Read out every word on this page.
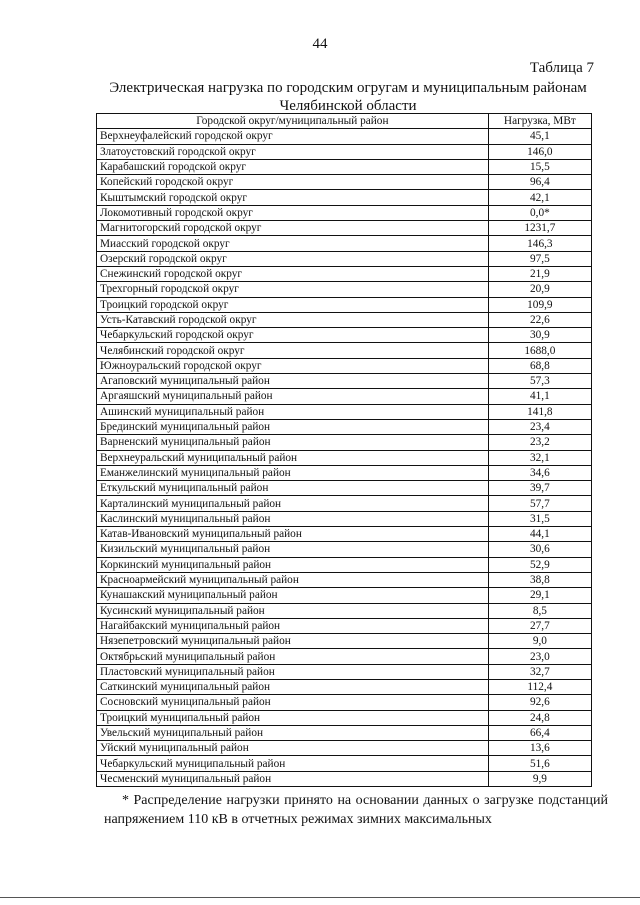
44
Таблица 7
Электрическая нагрузка по городским огругам и муниципальным районам Челябинской области
Городской округ/муниципальный район	Нагрузка, МВт
Верхнеуфалейский городской округ	45,1
Златоустовский городской округ	146,0
Карабашский городской округ	15,5
Копейский городской округ	96,4
Кыштымский городской округ	42,1
Локомотивный городской округ	0,0*
Магнитогорский городской округ	1231,7
Миасский городской округ	146,3
Озерский городской округ	97,5
Снежинский городской округ	21,9
Трехгорный городской округ	20,9
Троицкий городской округ	109,9
Усть-Катавский городской округ	22,6
Чебаркульский городской округ	30,9
Челябинский городской округ	1688,0
Южноуральский городской округ	68,8
Агаповский муниципальный район	57,3
Аргаяшский муниципальный район	41,1
Ашинский муниципальный район	141,8
Брединский муниципальный район	23,4
Варненский муниципальный район	23,2
Верхнеуральский муниципальный район	32,1
Еманжелинский муниципальный район	34,6
Еткульский муниципальный район	39,7
Карталинский муниципальный район	57,7
Каслинский муниципальный район	31,5
Катав-Ивановский муниципальный район	44,1
Кизильский муниципальный район	30,6
Коркинский муниципальный район	52,9
Красноармейский муниципальный район	38,8
Кунашакский муниципальный район	29,1
Кусинский муниципальный район	8,5
Нагайбакский муниципальный район	27,7
Нязепетровский муниципальный район	9,0
Октябрьский муниципальный район	23,0
Пластовский муниципальный район	32,7
Саткинский муниципальный район	112,4
Сосновский муниципальный район	92,6
Троицкий муниципальный район	24,8
Увельский муниципальный район	66,4
Уйский муниципальный район	13,6
Чебаркульский муниципальный район	51,6
Чесменский муниципальный район	9,9
* Распределение нагрузки принято на основании данных о загрузке подстанций напряжением 110 кВ в отчетных режимах зимних максимальных
